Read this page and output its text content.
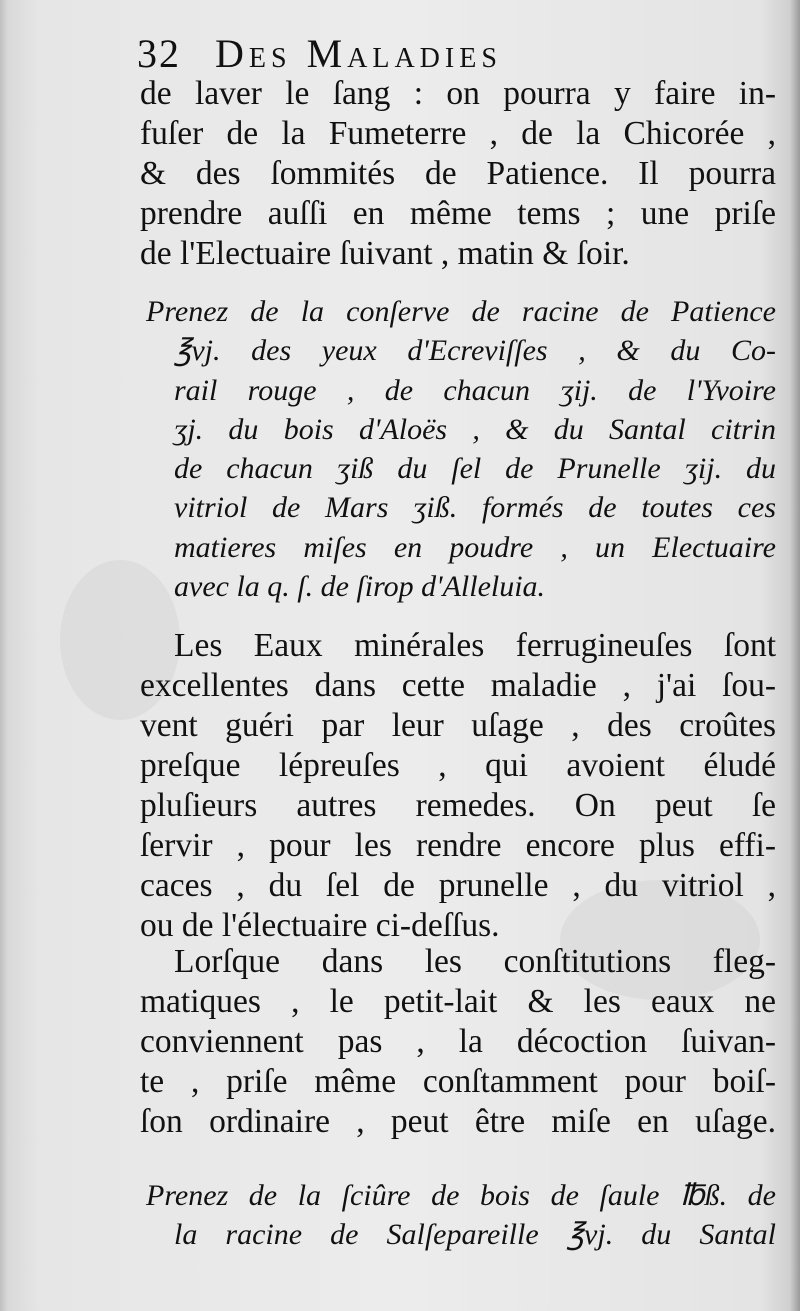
32 Des Maladies
de laver le ſang : on pourra y faire in-
fuſer de la Fumeterre , de la Chicorée ,
& des ſommités de Patience. Il pourra
prendre auſſi en même tems ; une priſe
de l'Electuaire ſuivant , matin & ſoir.
Prenez de la conſerve de racine de Patience
℥vj. des yeux d'Ecreviſſes , & du Co-
rail rouge , de chacun ʒij. de l'Yvoire
ʒj. du bois d'Aloës , & du Santal citrin
de chacun ʒiß du ſel de Prunelle ʒij. du
vitriol de Mars ʒiß. formés de toutes ces
matieres miſes en poudre , un Electuaire
avec la q. ſ. de ſirop d'Alleluia.
Les Eaux minérales ferrugineuſes ſont
excellentes dans cette maladie , j'ai ſou-
vent guéri par leur uſage , des croûtes
preſque lépreuſes , qui avoient éludé
pluſieurs autres remedes. On peut ſe
ſervir , pour les rendre encore plus effi-
caces , du ſel de prunelle , du vitriol ,
ou de l'électuaire ci-deſſus.
Lorſque dans les conſtitutions fleg-
matiques , le petit-lait & les eaux ne
conviennent pas , la décoction ſuivan-
te , priſe même conſtamment pour boiſ-
ſon ordinaire , peut être miſe en uſage.
Prenez de la ſciûre de bois de ſaule ℔ß. de
la racine de Salſepareille ℥vj. du Santal
